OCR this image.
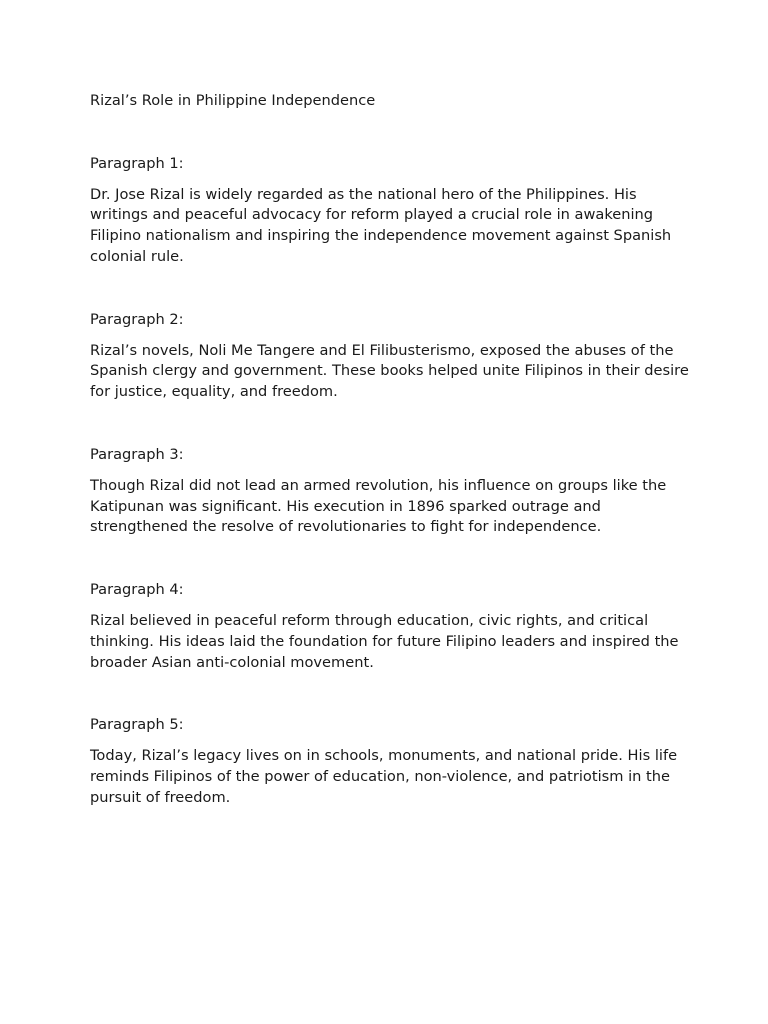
Rizal’s Role in Philippine Independence

Paragraph 1:

Dr. Jose Rizal is widely regarded as the national hero of the Philippines. His writings and peaceful advocacy for reform played a crucial role in awakening Filipino nationalism and inspiring the independence movement against Spanish colonial rule.

Paragraph 2:

Rizal’s novels, Noli Me Tangere and El Filibusterismo, exposed the abuses of the Spanish clergy and government. These books helped unite Filipinos in their desire for justice, equality, and freedom.

Paragraph 3:

Though Rizal did not lead an armed revolution, his influence on groups like the Katipunan was significant. His execution in 1896 sparked outrage and strengthened the resolve of revolutionaries to fight for independence.

Paragraph 4:

Rizal believed in peaceful reform through education, civic rights, and critical thinking. His ideas laid the foundation for future Filipino leaders and inspired the broader Asian anti-colonial movement.

Paragraph 5:

Today, Rizal’s legacy lives on in schools, monuments, and national pride. His life reminds Filipinos of the power of education, non-violence, and patriotism in the pursuit of freedom.
